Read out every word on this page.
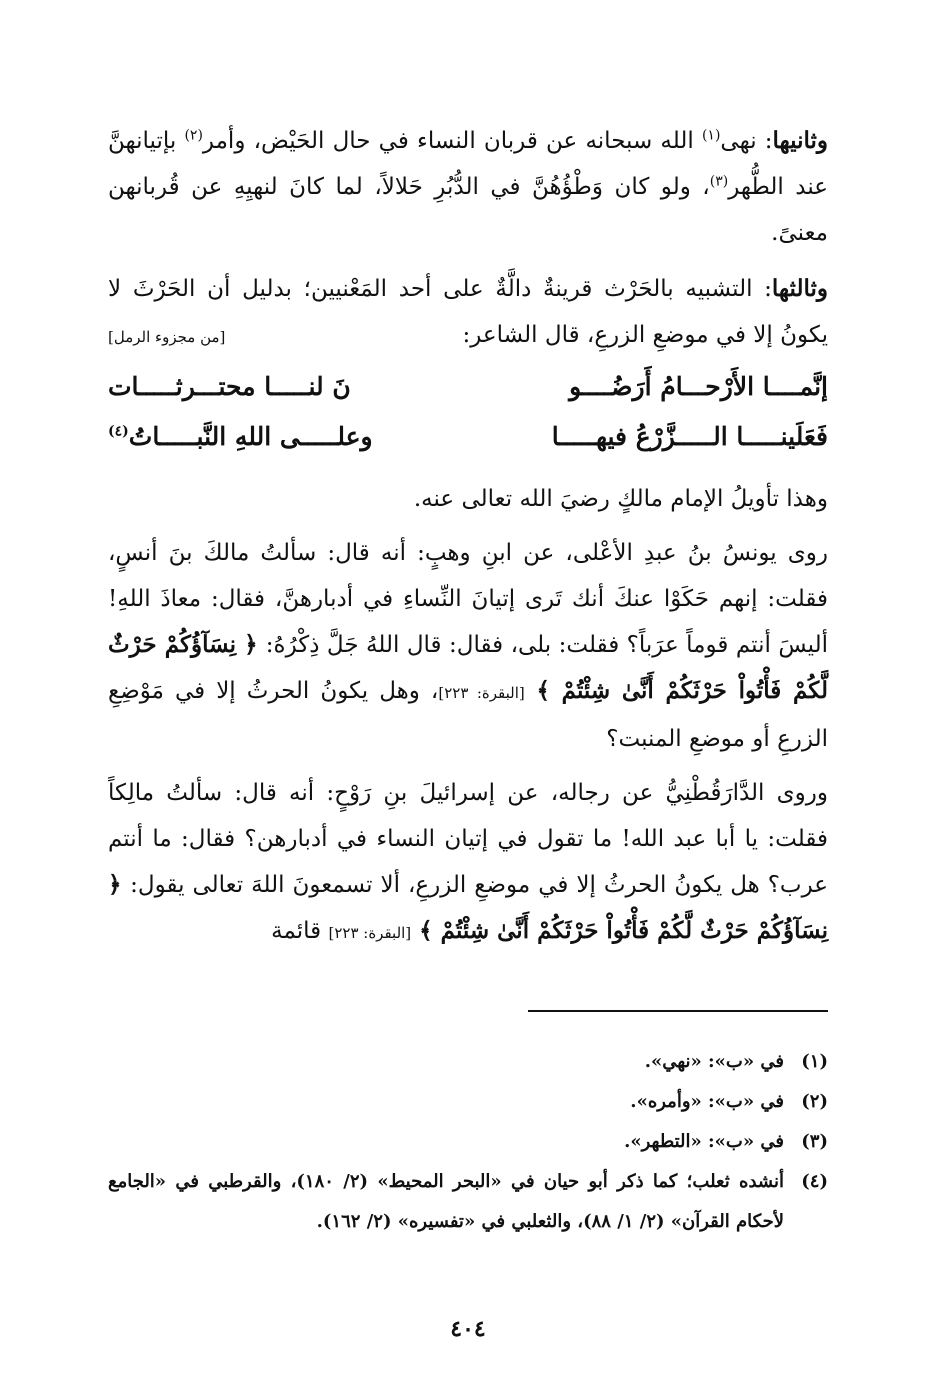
وثانيها: نهى$^{(١)}$ الله سبحانه عن قربان النساء في حال الحَيْض، وأمر$^{(٢)}$ بإتيانهنَّ عند الطُّهر$^{(٣)}$، ولو كان وَطْؤُهُنَّ في الدُّبُرِ حَلالاً، لما كانَ لنهيِهِ عن قُربانهن معنىً.

وثالثها: التشبيه بالحَرْث قرينةٌ دالَّةٌ على أحد المَعْنيين؛ بدليل أن الحَرْثَ لا يكونُ إلا في موضعِ الزرعِ، قال الشاعر:
[من مجزوء الرمل]

إنَّمــــا الأَرْحـــامُ أَرَضُــــو
نَ لنـــــا محتـــرثـــــات
فَعَلَينـــــا الـــــزَّرْعُ فيهـــــا
وعلـــــى اللهِ النَّبـــــاتُ$^{(٤)}$

وهذا تأويلُ الإمام مالكٍ رضيَ الله تعالى عنه.

روى يونسُ بنُ عبدِ الأعْلى، عن ابنِ وهبٍ: أنه قال: سألتُ مالكَ بنَ أنسٍ، فقلت: إنهم حَكَوْا عنكَ أنك تَرى إتيانَ النِّساءِ في أدبارهنَّ، فقال: معاذَ اللهِ! أليسَ أنتم قوماً عرَباً؟ فقلت: بلى، فقال: قال اللهُ جَلَّ ذِكْرُهُ: ﴿ نِسَآؤُكُمْ حَرْثٌ لَّكُمْ فَأْتُواْ حَرْثَكُمْ أَنَّىٰ شِئْتُمْ ﴾ [البقرة: ٢٢٣]، وهل يكونُ الحرثُ إلا في مَوْضِعِ الزرعِ أو موضعِ المنبت؟

وروى الدَّارَقُطْنِيُّ عن رجاله، عن إسرائيلَ بنِ رَوْحٍ: أنه قال: سألتُ مالِكاً فقلت: يا أبا عبد الله! ما تقول في إتيان النساء في أدبارهن؟ فقال: ما أنتم عرب؟ هل يكونُ الحرثُ إلا في موضعِ الزرعِ، ألا تسمعونَ اللهَ تعالى يقول: ﴿ نِسَآؤُكُمْ حَرْثٌ لَّكُمْ فَأْتُواْ حَرْثَكُمْ أَنَّىٰ شِئْتُمْ ﴾ [البقرة: ٢٢٣] قائمة

(١)
في «ب»: «نهي».
(٢)
في «ب»: «وأمره».
(٣)
في «ب»: «التطهر».
(٤)
أنشده ثعلب؛ كما ذكر أبو حيان في «البحر المحيط» (٢/ ١٨٠)، والقرطبي في «الجامع لأحكام القرآن» (٢/ ١/ ٨٨)، والثعلبي في «تفسيره» (٢/ ١٦٢).
٤٠٤
